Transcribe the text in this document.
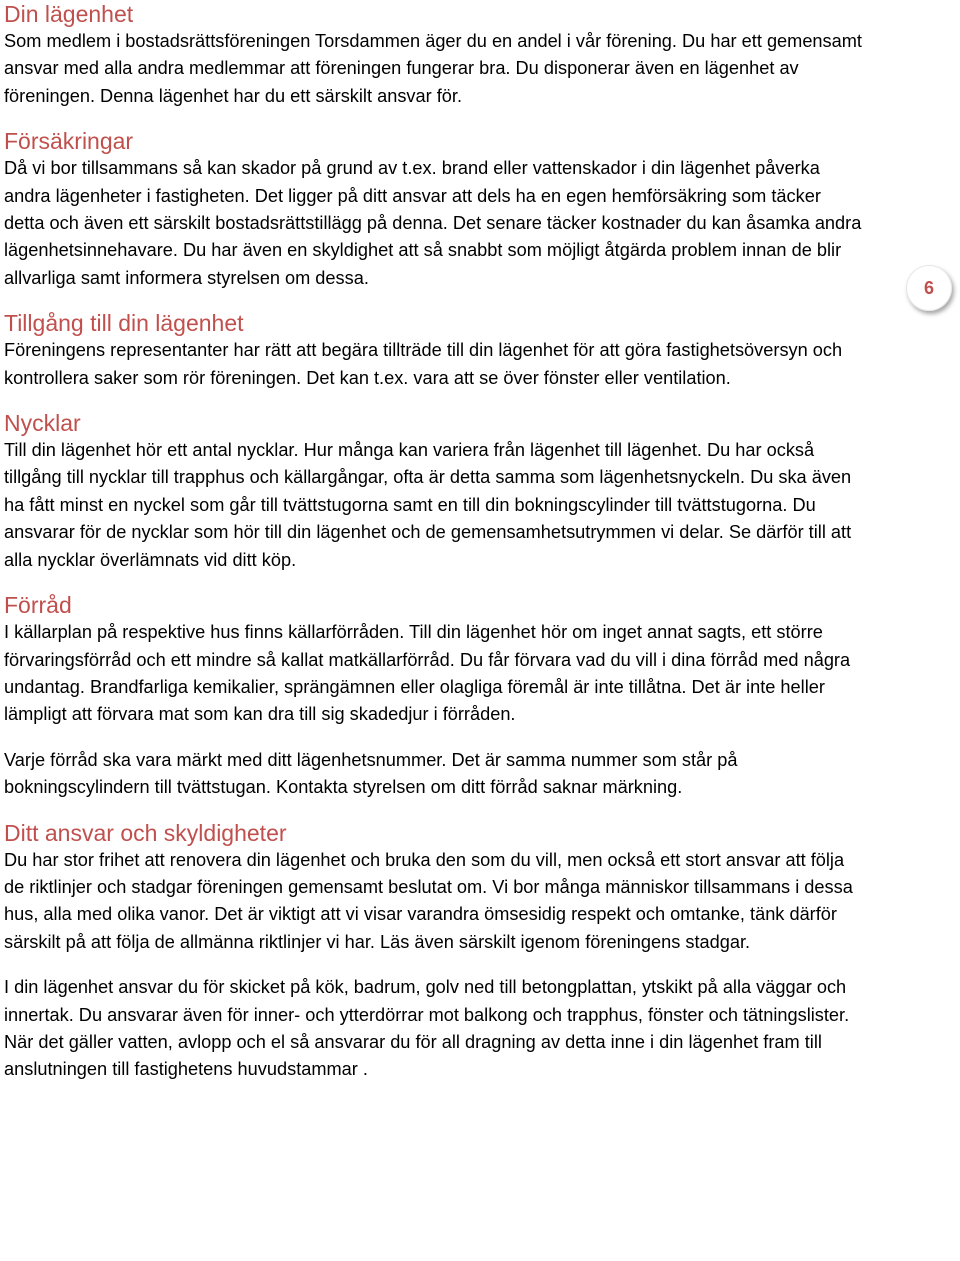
Din lägenhet

Som medlem i bostadsrättsföreningen Torsdammen äger du en andel i vår förening. Du har ett gemensamt ansvar med alla andra medlemmar att föreningen fungerar bra. Du disponerar även en lägenhet av föreningen. Denna lägenhet har du ett särskilt ansvar för.

Försäkringar

Då vi bor tillsammans så kan skador på grund av t.ex. brand eller vattenskador i din lägenhet påverka andra lägenheter i fastigheten. Det ligger på ditt ansvar att dels ha en egen hemförsäkring som täcker detta och även ett särskilt bostadsrättstillägg på denna. Det senare täcker kostnader du kan åsamka andra lägenhetsinnehavare. Du har även en skyldighet att så snabbt som möjligt åtgärda problem innan de blir allvarliga samt informera styrelsen om dessa.

Tillgång till din lägenhet

Föreningens representanter har rätt att begära tillträde till din lägenhet för att göra fastighetsöversyn och kontrollera saker som rör föreningen. Det kan t.ex. vara att se över fönster eller ventilation.

Nycklar

Till din lägenhet hör ett antal nycklar. Hur många kan variera från lägenhet till lägenhet. Du har också tillgång till nycklar till trapphus och källargångar, ofta är detta samma som lägenhetsnyckeln. Du ska även ha fått minst en nyckel som går till tvättstugorna samt en till din bokningscylinder till tvättstugorna. Du ansvarar för de nycklar som hör till din lägenhet och de gemensamhetsutrymmen vi delar. Se därför till att alla nycklar överlämnats vid ditt köp.

Förråd

I källarplan på respektive hus finns källarförråden. Till din lägenhet hör om inget annat sagts, ett större förvaringsförråd och ett mindre så kallat matkällarförråd. Du får förvara vad du vill i dina förråd med några undantag. Brandfarliga kemikalier, sprängämnen eller olagliga föremål är inte tillåtna. Det är inte heller lämpligt att förvara mat som kan dra till sig skadedjur i förråden.

Varje förråd ska vara märkt med ditt lägenhetsnummer. Det är samma nummer som står på bokningscylindern till tvättstugan. Kontakta styrelsen om ditt förråd saknar märkning.

Ditt ansvar och skyldigheter

Du har stor frihet att renovera din lägenhet och bruka den som du vill, men också ett stort ansvar att följa de riktlinjer och stadgar föreningen gemensamt beslutat om. Vi bor många människor tillsammans i dessa hus, alla med olika vanor. Det är viktigt att vi visar varandra ömsesidig respekt och omtanke, tänk därför särskilt på att följa de allmänna riktlinjer vi har. Läs även särskilt igenom föreningens stadgar.

I din lägenhet ansvar du för skicket på kök, badrum, golv ned till betongplattan, ytskikt på alla väggar och innertak. Du ansvarar även för inner- och ytterdörrar mot balkong och trapphus, fönster och tätningslister. När det gäller vatten, avlopp och el så ansvarar du för all dragning av detta inne i din lägenhet fram till anslutningen till fastighetens huvudstammar .

6
